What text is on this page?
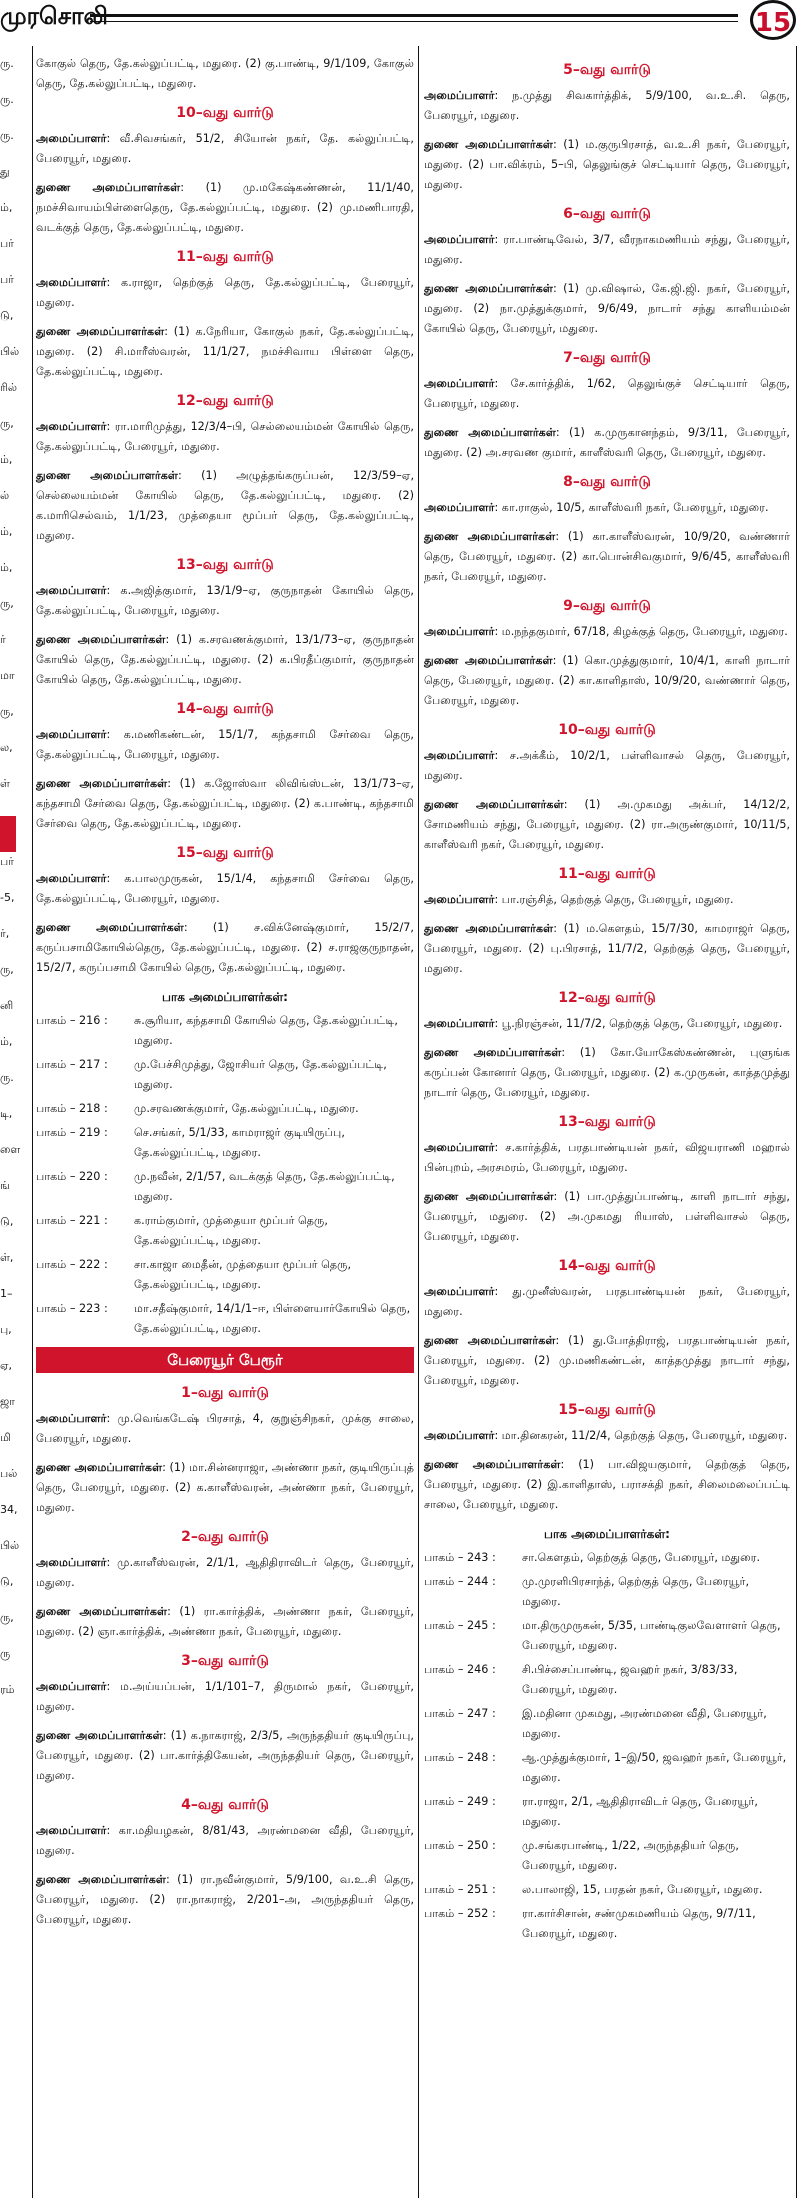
முரசொலி	15
ரு.
ரு.
ரு.
து
ம்,
பர்
பர்
டு,
பில்
ரில்
ரு,
ம்,
ல்
ம்,
ம்,
ரு,
ர்
மா
ரு,
ல,
ள்
பர்
-5,
ர்,
ரு,
னி
ம்,
ரு.
டி,
ளை
ங்
டு,
ள்,
1–
பு,
ஏ,
ஜா
மி
பல்
34,
பில்
டு,
ரு,
ரு
ரம்

கோகுல் தெரு, தே.கல்லுப்பட்டி, மதுரை. (2) கு.பாண்டி, 9/1/109, கோகுல் தெரு, தே.கல்லுப்பட்டி, மதுரை.

10–வது வார்டு

அமைப்பாளர்: வீ.சிவசங்கர், 51/2, சியோன் நகர், தே. கல்லுப்பட்டி, பேரையூர், மதுரை.

துணை அமைப்பாளர்கள்: (1) மு.மகேஷ்கண்ணன், 11/1/40, நமச்சிவாயம்பிள்ளைதெரு, தே.கல்லுப்பட்டி, மதுரை. (2) மு.மணிபாரதி, வடக்குத் தெரு, தே.கல்லுப்பட்டி, மதுரை.

11–வது வார்டு

அமைப்பாளர்: க.ராஜா, தெற்குத் தெரு, தே.கல்லுப்பட்டி, பேரையூர், மதுரை.

துணை அமைப்பாளர்கள்: (1) க.நேரியா, கோகுல் நகர், தே.கல்லுப்பட்டி, மதுரை. (2) சி.மாரீஸ்வரன், 11/1/27, நமச்சிவாய பிள்ளை தெரு, தே.கல்லுப்பட்டி, மதுரை.

12–வது வார்டு

அமைப்பாளர்: ரா.மாரிமுத்து, 12/3/4–பி, செல்லையம்மன் கோயில் தெரு, தே.கல்லுப்பட்டி, பேரையூர், மதுரை.

துணை அமைப்பாளர்கள்: (1) அழுத்தங்கருப்பன், 12/3/59–ஏ, செல்லையம்மன் கோயில் தெரு, தே.கல்லுப்பட்டி, மதுரை. (2) க.மாரிசெல்வம், 1/1/23, முத்தையா மூப்பர் தெரு, தே.கல்லுப்பட்டி, மதுரை.

13–வது வார்டு

அமைப்பாளர்: க.அஜித்குமார், 13/1/9–ஏ, குருநாதன் கோயில் தெரு, தே.கல்லுப்பட்டி, பேரையூர், மதுரை.

துணை அமைப்பாளர்கள்: (1) க.சரவணக்குமார், 13/1/73–ஏ, குருநாதன் கோயில் தெரு, தே.கல்லுப்பட்டி, மதுரை. (2) க.பிரதீப்குமார், குருநாதன் கோயில் தெரு, தே.கல்லுப்பட்டி, மதுரை.

14–வது வார்டு

அமைப்பாளர்: க.மணிகண்டன், 15/1/7, கந்தசாமி சேர்வை தெரு, தே.கல்லுப்பட்டி, பேரையூர், மதுரை.

துணை அமைப்பாளர்கள்: (1) க.ஜோஸ்வா லிவிங்ஸ்டன், 13/1/73–ஏ, கந்தசாமி சேர்வை தெரு, தே.கல்லுப்பட்டி, மதுரை. (2) க.பாண்டி, கந்தசாமி சேர்வை தெரு, தே.கல்லுப்பட்டி, மதுரை.

15–வது வார்டு

அமைப்பாளர்: க.பாலமுருகன், 15/1/4, கந்தசாமி சேர்வை தெரு, தே.கல்லுப்பட்டி, பேரையூர், மதுரை.

துணை அமைப்பாளர்கள்: (1) ச.விக்னேஷ்குமார், 15/2/7, கருப்பசாமிகோயில்தெரு, தே.கல்லுப்பட்டி, மதுரை. (2) ச.ராஜகுருநாதன், 15/2/7, கருப்பசாமி கோயில் தெரு, தே.கல்லுப்பட்டி, மதுரை.

பாக அமைப்பாளர்கள்:
பாகம் – 216 :	சு.சூரியா, கந்தசாமி கோயில் தெரு, தே.கல்லுப்பட்டி, மதுரை.
பாகம் – 217 :	மு.பேச்சிமுத்து, ஜோசியர் தெரு, தே.கல்லுப்பட்டி, மதுரை.
பாகம் – 218 :	மு.சரவணக்குமார், தே.கல்லுப்பட்டி, மதுரை.
பாகம் – 219 :	செ.சங்கர், 5/1/33, காமராஜர் குடியிருப்பு, தே.கல்லுப்பட்டி, மதுரை.
பாகம் – 220 :	மு.நவீன், 2/1/57, வடக்குத் தெரு, தே.கல்லுப்பட்டி, மதுரை.
பாகம் – 221 :	க.ராம்குமார், முத்தையா மூப்பர் தெரு, தே.கல்லுப்பட்டி, மதுரை.
பாகம் – 222 :	சா.காஜா மைதீன், முத்தையா மூப்பர் தெரு, தே.கல்லுப்பட்டி, மதுரை.
பாகம் – 223 :	மா.சதீஷ்குமார், 14/1/1–ஈ, பிள்ளையார்கோயில் தெரு, தே.கல்லுப்பட்டி, மதுரை.
பேரையூர் பேரூர்
1–வது வார்டு

அமைப்பாளர்: மு.வெங்கடேஷ் பிரசாத், 4, குறுஞ்சிநகர், முக்கு சாலை, பேரையூர், மதுரை.

துணை அமைப்பாளர்கள்: (1) மா.சின்னராஜா, அண்ணா நகர், குடியிருப்புத் தெரு, பேரையூர், மதுரை. (2) க.காளீஸ்வரன், அண்ணா நகர், பேரையூர், மதுரை.

2–வது வார்டு

அமைப்பாளர்: மு.காளீஸ்வரன், 2/1/1, ஆதிதிராவிடர் தெரு, பேரையூர், மதுரை.

துணை அமைப்பாளர்கள்: (1) ரா.கார்த்திக், அண்ணா நகர், பேரையூர், மதுரை. (2) ஞா.கார்த்திக், அண்ணா நகர், பேரையூர், மதுரை.

3–வது வார்டு

அமைப்பாளர்: ம.அய்யப்பன், 1/1/101–7, திருமால் நகர், பேரையூர், மதுரை.

துணை அமைப்பாளர்கள்: (1) க.நாகராஜ், 2/3/5, அருந்ததியர் குடியிருப்பு, பேரையூர், மதுரை. (2) பா.கார்த்திகேயன், அருந்ததியர் தெரு, பேரையூர், மதுரை.

4–வது வார்டு

அமைப்பாளர்: கா.மதியழகன், 8/81/43, அரண்மனை வீதி, பேரையூர், மதுரை.

துணை அமைப்பாளர்கள்: (1) ரா.நவீன்குமார், 5/9/100, வ.உ.சி தெரு, பேரையூர், மதுரை. (2) ரா.நாகராஜ், 2/201–அ, அருந்ததியர் தெரு, பேரையூர், மதுரை.

5–வது வார்டு

அமைப்பாளர்: ந.முத்து சிவகார்த்திக், 5/9/100, வ.உ.சி. தெரு, பேரையூர், மதுரை.

துணை அமைப்பாளர்கள்: (1) ம.குருபிரசாத், வ.உ.சி நகர், பேரையூர், மதுரை. (2) பா.விக்ரம், 5–பி, தெலுங்குச் செட்டியார் தெரு, பேரையூர், மதுரை.

6–வது வார்டு

அமைப்பாளர்: ரா.பாண்டிவேல், 3/7, வீரநாகமணியம் சந்து, பேரையூர், மதுரை.

துணை அமைப்பாளர்கள்: (1) மு.விஷால், கே.ஜி.ஜி. நகர், பேரையூர், மதுரை. (2) நா.முத்துக்குமார், 9/6/49, நாடார் சந்து காளியம்மன் கோயில் தெரு, பேரையூர், மதுரை.

7–வது வார்டு

அமைப்பாளர்: சே.கார்த்திக், 1/62, தெலுங்குச் செட்டியார் தெரு, பேரையூர், மதுரை.

துணை அமைப்பாளர்கள்: (1) க.முருகானந்தம், 9/3/11, பேரையூர், மதுரை. (2) அ.சரவண குமார், காளீஸ்வரி தெரு, பேரையூர், மதுரை.

8–வது வார்டு

அமைப்பாளர்: கா.ராகுல், 10/5, காளீஸ்வரி நகர், பேரையூர், மதுரை.

துணை அமைப்பாளர்கள்: (1) கா.காளீஸ்வரன், 10/9/20, வண்ணார் தெரு, பேரையூர், மதுரை. (2) கா.பொன்சிவகுமார், 9/6/45, காளீஸ்வரி நகர், பேரையூர், மதுரை.

9–வது வார்டு

அமைப்பாளர்: ம.நந்தகுமார், 67/18, கிழக்குத் தெரு, பேரையூர், மதுரை.

துணை அமைப்பாளர்கள்: (1) கொ.முத்துகுமார், 10/4/1, காளி நாடார் தெரு, பேரையூர், மதுரை. (2) கா.காளிதாஸ், 10/9/20, வண்ணார் தெரு, பேரையூர், மதுரை.

10–வது வார்டு

அமைப்பாளர்: ச.அக்கீம், 10/2/1, பள்ளிவாசல் தெரு, பேரையூர், மதுரை.

துணை அமைப்பாளர்கள்: (1) அ.முகமது அக்பர், 14/12/2, சோமணியம் சந்து, பேரையூர், மதுரை. (2) ரா.அருண்குமார், 10/11/5, காளீஸ்வரி நகர், பேரையூர், மதுரை.

11–வது வார்டு

அமைப்பாளர்: பா.ரஞ்சித், தெற்குத் தெரு, பேரையூர், மதுரை.

துணை அமைப்பாளர்கள்: (1) ம.கௌதம், 15/7/30, காமராஜர் தெரு, பேரையூர், மதுரை. (2) பு.பிரசாத், 11/7/2, தெற்குத் தெரு, பேரையூர், மதுரை.

12–வது வார்டு

அமைப்பாளர்: பூ.நிரஞ்சன், 11/7/2, தெற்குத் தெரு, பேரையூர், மதுரை.

துணை அமைப்பாளர்கள்: (1) கோ.யோகேஸ்கண்ணன், புளுங்க கருப்பன் கோனார் தெரு, பேரையூர், மதுரை. (2) க.முருகன், காத்தமுத்து நாடார் தெரு, பேரையூர், மதுரை.

13–வது வார்டு

அமைப்பாளர்: ச.கார்த்திக், பரதபாண்டியன் நகர், விஜயராணி மஹால் பின்புறம், அரசமரம், பேரையூர், மதுரை.

துணை அமைப்பாளர்கள்: (1) பா.முத்துப்பாண்டி, காளி நாடார் சந்து, பேரையூர், மதுரை. (2) அ.முகமது ரியாஸ், பள்ளிவாசல் தெரு, பேரையூர், மதுரை.

14–வது வார்டு

அமைப்பாளர்: து.முனீஸ்வரன், பரதபாண்டியன் நகர், பேரையூர், மதுரை.

துணை அமைப்பாளர்கள்: (1) து.போத்திராஜ், பரதபாண்டியன் நகர், பேரையூர், மதுரை. (2) மு.மணிகண்டன், காத்தமுத்து நாடார் சந்து, பேரையூர், மதுரை.

15–வது வார்டு

அமைப்பாளர்: மா.தினகரன், 11/2/4, தெற்குத் தெரு, பேரையூர், மதுரை.

துணை அமைப்பாளர்கள்: (1) பா.விஜயகுமார், தெற்குத் தெரு, பேரையூர், மதுரை. (2) இ.காளிதாஸ், பராசக்தி நகர், சிலைமலைப்பட்டி சாலை, பேரையூர், மதுரை.

பாக அமைப்பாளர்கள்:
பாகம் – 243 :	சா.கௌதம், தெற்குத் தெரு, பேரையூர், மதுரை.
பாகம் – 244 :	மு.முரளிபிரசாந்த், தெற்குத் தெரு, பேரையூர், மதுரை.
பாகம் – 245 :	மா.திருமுருகன், 5/35, பாண்டிகுலவேளாளர் தெரு, பேரையூர், மதுரை.
பாகம் – 246 :	சி.பிச்சைப்பாண்டி, ஜவஹர் நகர், 3/83/33, பேரையூர், மதுரை.
பாகம் – 247 :	இ.மதினா முகமது, அரண்மனை வீதி, பேரையூர், மதுரை.
பாகம் – 248 :	ஆ.முத்துக்குமார், 1–இ/50, ஜவஹர் நகர், பேரையூர், மதுரை.
பாகம் – 249 :	ரா.ராஜா, 2/1, ஆதிதிராவிடர் தெரு, பேரையூர், மதுரை.
பாகம் – 250 :	மு.சங்கரபாண்டி, 1/22, அருந்ததியர் தெரு, பேரையூர், மதுரை.
பாகம் – 251 :	ல.பாலாஜி, 15, பரதன் நகர், பேரையூர், மதுரை.
பாகம் – 252 :	ரா.கார்சிசான், சண்முகமணியம் தெரு, 9/7/11, பேரையூர், மதுரை.
